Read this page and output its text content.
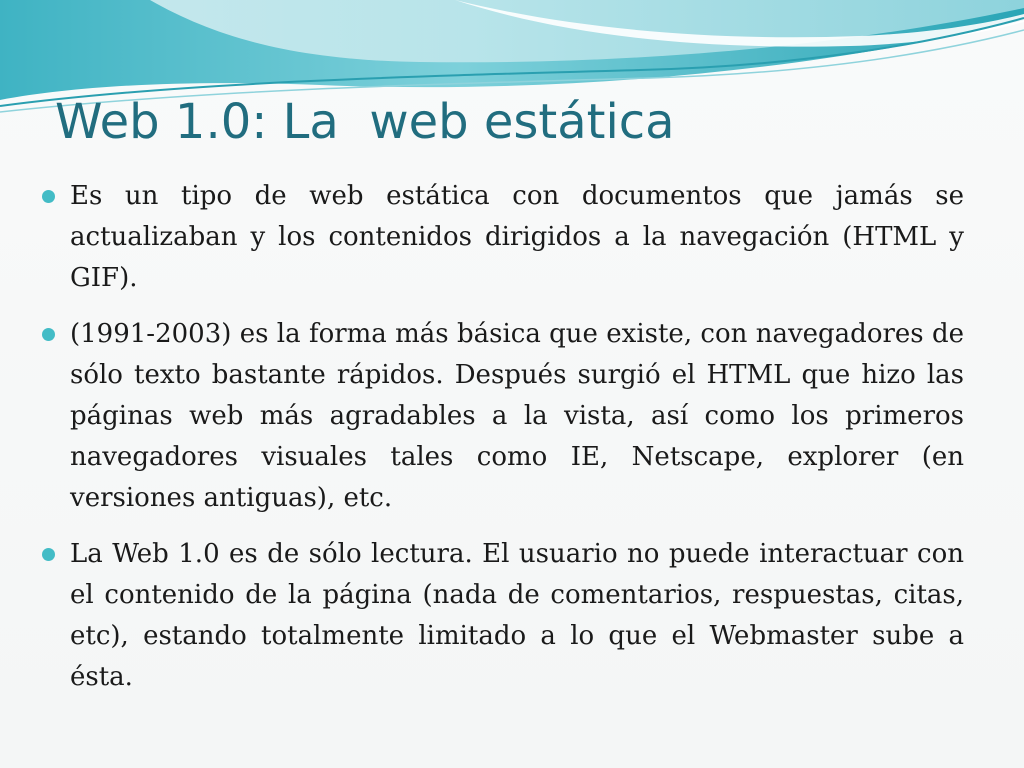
Web 1.0: La  web estática
Es un tipo de web estática con documentos que jamás se actualizaban y los contenidos dirigidos a la navegación (HTML y GIF).
(1991-2003) es la forma más básica que existe, con navegadores de sólo texto bastante rápidos. Después surgió el HTML que hizo las páginas web más agradables a la vista, así como los primeros navegadores visuales tales como IE, Netscape, explorer (en versiones antiguas), etc.
La Web 1.0 es de sólo lectura. El usuario no puede interactuar con el contenido de la página (nada de comentarios, respuestas, citas, etc), estando totalmente limitado a lo que el Webmaster sube a ésta.
